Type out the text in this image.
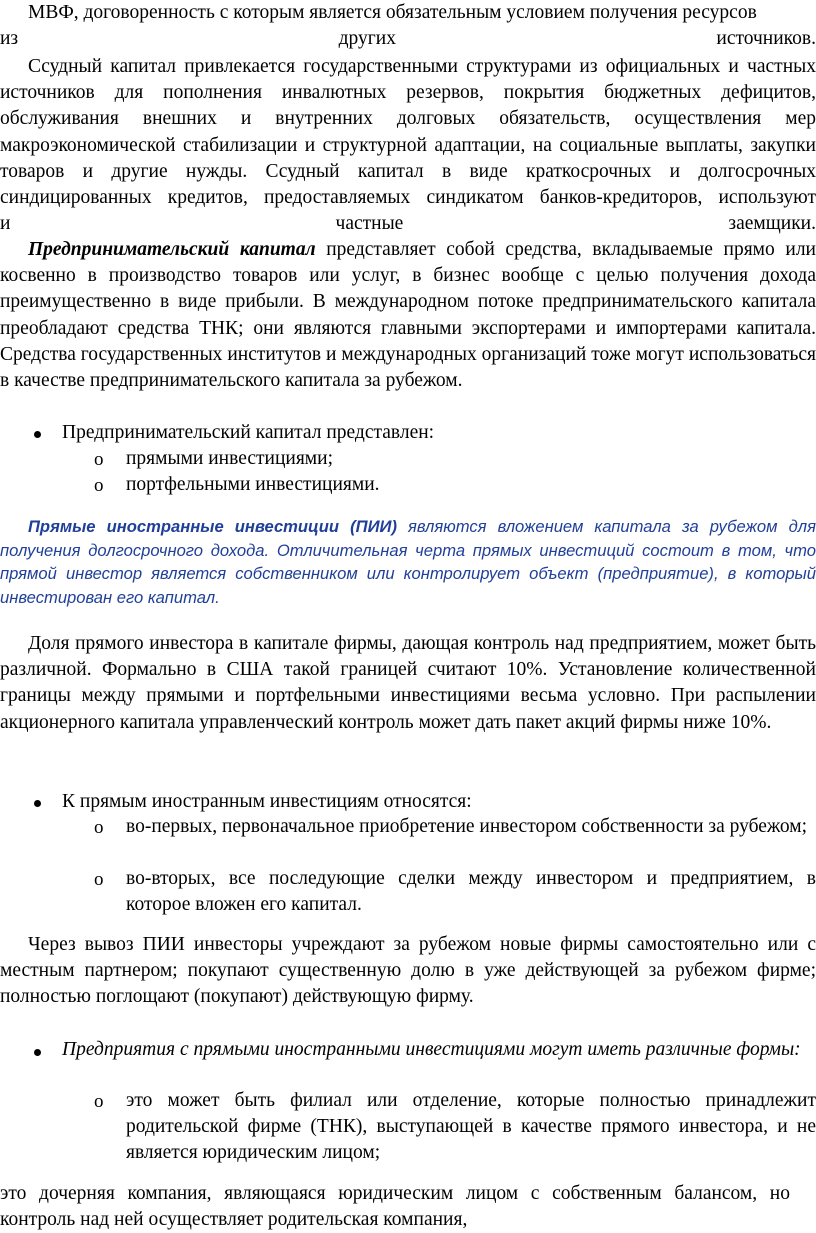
МВФ, договоренность с которым является обязательным условием получения ресурсов

из других источников.

Ссудный капитал привлекается государственными структурами из официальных и частных источников для пополнения инвалютных резервов, покрытия бюджетных дефицитов, обслуживания внешних и внутренних долговых обязательств, осуществления мер макроэкономической стабилизации и структурной адаптации, на социальные выплаты, закупки товаров и другие нужды. Ссудный капитал в виде краткосрочных и долгосрочных синдицированных кредитов, предоставляемых синдикатом банков-кредиторов, используют

и частные заемщики.

Предпринимательский капитал представляет собой средства, вкладываемые прямо или косвенно в производство товаров или услуг, в бизнес вообще с целью получения дохода преимущественно в виде прибыли. В международном потоке предпринимательского капитала преобладают средства ТНК; они являются главными экспортерами и импортерами капитала. Средства государственных институтов и международных организаций тоже могут использоваться в качестве предпринимательского капитала за рубежом.

Предпринимательский капитал представлен:
o прямыми инвестициями;
o портфельными инвестициями.

Прямые иностранные инвестиции (ПИИ) являются вложением капитала за рубежом для получения долгосрочного дохода. Отличительная черта прямых инвестиций состоит в том, что прямой инвестор является собственником или контролирует объект (предприятие), в который инвестирован его капитал.

Доля прямого инвестора в капитале фирмы, дающая контроль над предприятием, может быть различной. Формально в США такой границей считают 10%. Установление количественной границы между прямыми и портфельными инвестициями весьма условно. При распылении акционерного капитала управленческий контроль может дать пакет акций фирмы ниже 10%.

К прямым иностранным инвестициям относятся:
o во-первых, первоначальное приобретение инвестором собственности за рубежом;

o во-вторых, все последующие сделки между инвестором и предприятием, в которое вложен его капитал.

Через вывоз ПИИ инвесторы учреждают за рубежом новые фирмы самостоятельно или с местным партнером; покупают существенную долю в уже действующей за рубежом фирме; полностью поглощают (покупают) действующую фирму.

Предприятия с прямыми иностранными инвестициями могут иметь различные формы:

o это может быть филиал или отделение, которые полностью принадлежит родительской фирме (ТНК), выступающей в качестве прямого инвестора, и не является юридическим лицом;

это дочерняя компания, являющаяся юридическим лицом с собственным балансом, но контроль над ней осуществляет родительская компания,
